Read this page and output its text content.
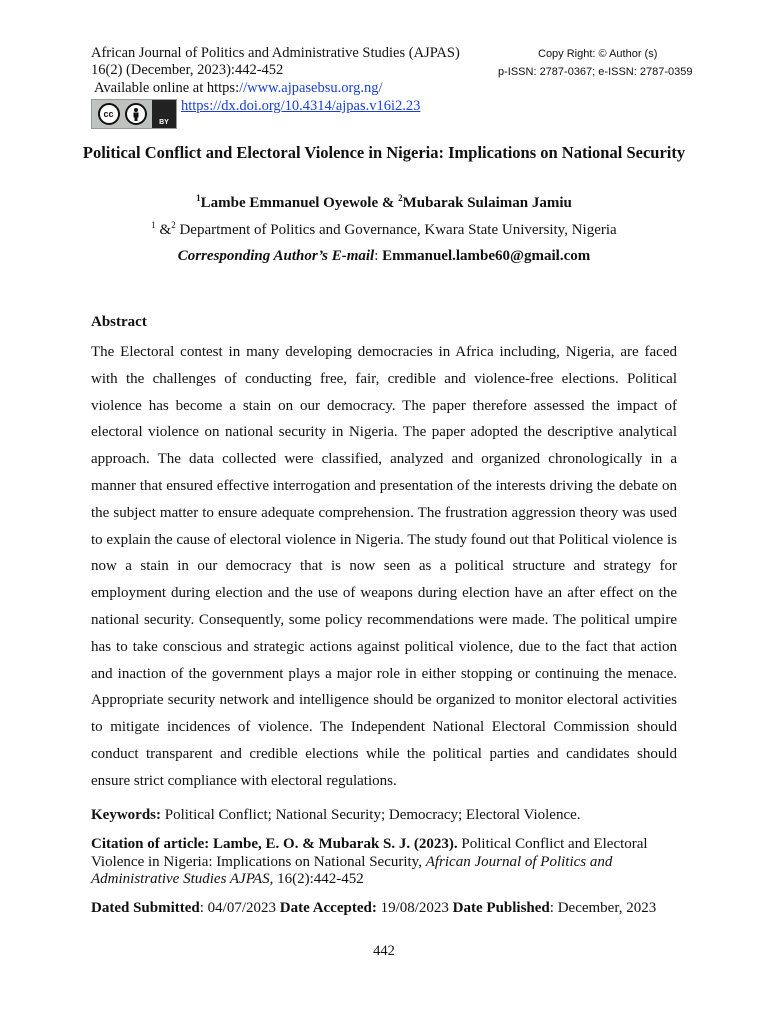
African Journal of Politics and Administrative Studies (AJPAS)
16(2) (December, 2023):442-452
Available online at https://www.ajpasebsu.org.ng/
cc
BY
https://dx.doi.org/10.4314/ajpas.v16i2.23
Copy Right: © Author (s)
p-ISSN: 2787-0367; e-ISSN: 2787-0359
Political Conflict and Electoral Violence in Nigeria: Implications on National Security
$^1$Lambe Emmanuel Oyewole & $^2$Mubarak Sulaiman Jamiu
$^1$ &$^2$ Department of Politics and Governance, Kwara State University, Nigeria
Corresponding Author’s E-mail: Emmanuel.lambe60@gmail.com
Abstract
The Electoral contest in many developing democracies in Africa including, Nigeria, are faced with the challenges of conducting free, fair, credible and violence-free elections. Political violence has become a stain on our democracy. The paper therefore assessed the impact of electoral violence on national security in Nigeria. The paper adopted the descriptive analytical approach. The data collected were classified, analyzed and organized chronologically in a manner that ensured effective interrogation and presentation of the interests driving the debate on the subject matter to ensure adequate comprehension. The frustration aggression theory was used to explain the cause of electoral violence in Nigeria. The study found out that Political violence is now a stain in our democracy that is now seen as a political structure and strategy for employment during election and the use of weapons during election have an after effect on the national security. Consequently, some policy recommendations were made. The political umpire has to take conscious and strategic actions against political violence, due to the fact that action and inaction of the government plays a major role in either stopping or continuing the menace. Appropriate security network and intelligence should be organized to monitor electoral activities to mitigate incidences of violence. The Independent National Electoral Commission should conduct transparent and credible elections while the political parties and candidates should ensure strict compliance with electoral regulations.
Keywords: Political Conflict; National Security; Democracy; Electoral Violence.
Citation of article: Lambe, E. O. & Mubarak S. J. (2023). Political Conflict and Electoral Violence in Nigeria: Implications on National Security, African Journal of Politics and Administrative Studies AJPAS, 16(2):442-452
Dated Submitted: 04/07/2023 Date Accepted: 19/08/2023 Date Published: December, 2023
442
